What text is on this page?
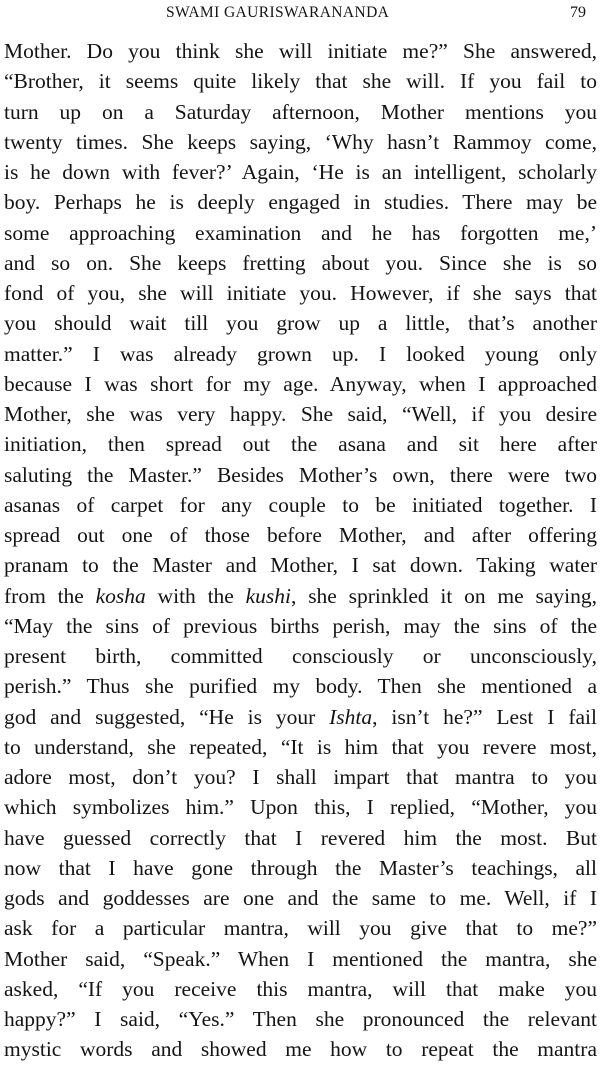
SWAMI GAURISWARANANDA	79
Mother. Do you think she will initiate me?” She answered,
“Brother, it seems quite likely that she will. If you fail to
turn up on a Saturday afternoon, Mother mentions you
twenty times. She keeps saying, ‘Why hasn’t Rammoy come,
is he down with fever?’ Again, ‘He is an intelligent, scholarly
boy. Perhaps he is deeply engaged in studies. There may be
some approaching examination and he has forgotten me,’
and so on. She keeps fretting about you. Since she is so
fond of you, she will initiate you. However, if she says that
you should wait till you grow up a little, that’s another
matter.” I was already grown up. I looked young only
because I was short for my age. Anyway, when I approached
Mother, she was very happy. She said, “Well, if you desire
initiation, then spread out the asana and sit here after
saluting the Master.” Besides Mother’s own, there were two
asanas of carpet for any couple to be initiated together. I
spread out one of those before Mother, and after offering
pranam to the Master and Mother, I sat down. Taking water
from the kosha with the kushi, she sprinkled it on me saying,
“May the sins of previous births perish, may the sins of the
present birth, committed consciously or unconsciously,
perish.” Thus she purified my body. Then she mentioned a
god and suggested, “He is your Ishta, isn’t he?” Lest I fail
to understand, she repeated, “It is him that you revere most,
adore most, don’t you? I shall impart that mantra to you
which symbolizes him.” Upon this, I replied, “Mother, you
have guessed correctly that I revered him the most. But
now that I have gone through the Master’s teachings, all
gods and goddesses are one and the same to me. Well, if I
ask for a particular mantra, will you give that to me?”
Mother said, “Speak.” When I mentioned the mantra, she
asked, “If you receive this mantra, will that make you
happy?” I said, “Yes.” Then she pronounced the relevant
mystic words and showed me how to repeat the mantra
